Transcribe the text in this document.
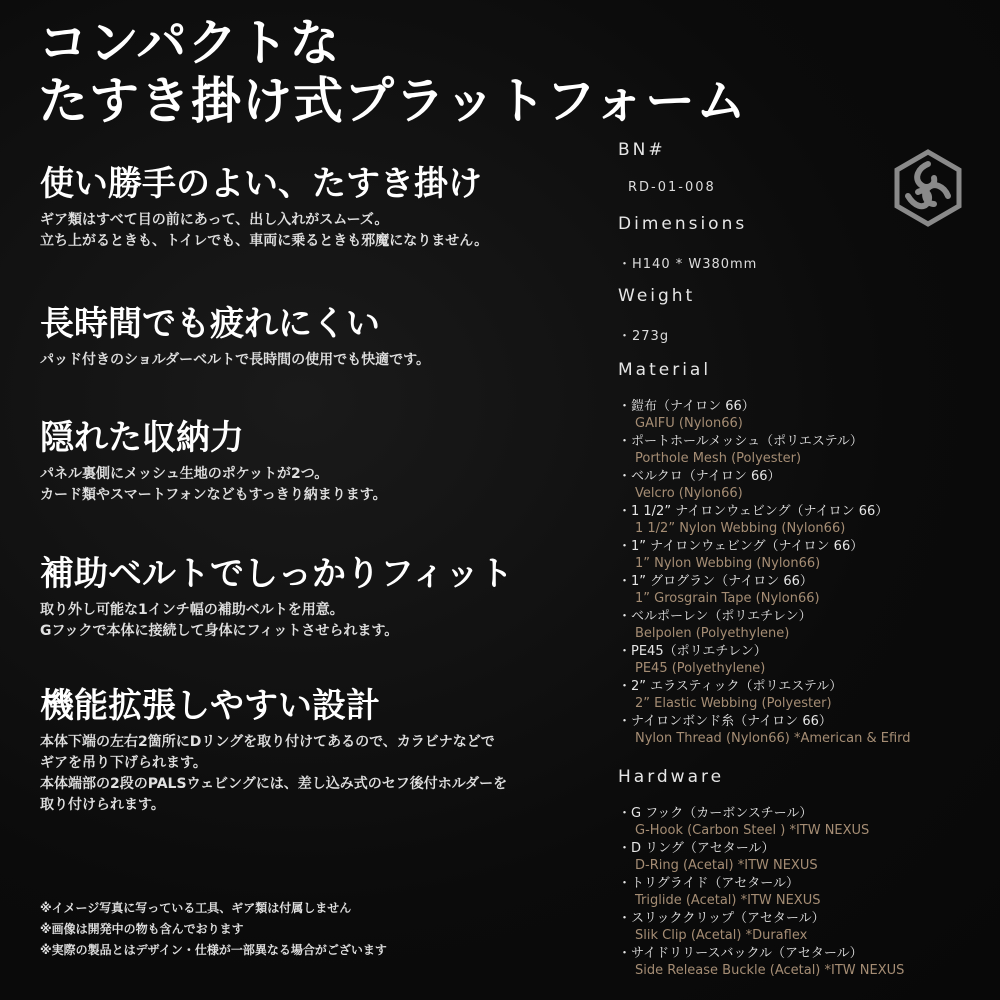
コンパクトな
たすき掛け式プラットフォーム
使い勝手のよい、たすき掛け

ギア類はすべて目の前にあって、出し入れがスムーズ。
立ち上がるときも、トイレでも、車両に乗るときも邪魔になりません。

長時間でも疲れにくい

パッド付きのショルダーベルトで長時間の使用でも快適です。

隠れた収納力

パネル裏側にメッシュ生地のポケットが2つ。
カード類やスマートフォンなどもすっきり納まります。

補助ベルトでしっかりフィット

取り外し可能な1インチ幅の補助ベルトを用意。
Gフックで本体に接続して身体にフィットさせられます。

機能拡張しやすい設計

本体下端の左右2箇所にDリングを取り付けてあるので、カラビナなどで
ギアを吊り下げられます。
本体端部の2段のPALSウェビングには、差し込み式のセフ後付ホルダーを
取り付けられます。

※イメージ写真に写っている工具、ギア類は付属しません
※画像は開発中の物も含んでおります
※実際の製品とはデザイン・仕様が一部異なる場合がございます
BN#
RD-01-008
Dimensions
・H140 * W380mm
Weight
・273g
Material
・鎧布（ナイロン 66）
GAIFU (Nylon66)
・ポートホールメッシュ（ポリエステル）
Porthole Mesh (Polyester)
・ベルクロ（ナイロン 66）
Velcro (Nylon66)
・1 1/2” ナイロンウェビング（ナイロン 66）
1 1/2” Nylon Webbing (Nylon66)
・1” ナイロンウェビング（ナイロン 66）
1” Nylon Webbing (Nylon66)
・1” グログラン（ナイロン 66）
1” Grosgrain Tape (Nylon66)
・ベルポーレン（ポリエチレン）
Belpolen (Polyethylene)
・PE45（ポリエチレン）
PE45 (Polyethylene)
・2” エラスティック（ポリエステル）
2” Elastic Webbing (Polyester)
・ナイロンボンド糸（ナイロン 66）
Nylon Thread (Nylon66) *American & Efird
Hardware
・G フック（カーボンスチール）
G-Hook (Carbon Steel ) *ITW NEXUS
・D リング（アセタール）
D-Ring (Acetal) *ITW NEXUS
・トリグライド（アセタール）
Triglide (Acetal) *ITW NEXUS
・スリッククリップ（アセタール）
Slik Clip (Acetal) *Duraflex
・サイドリリースバックル（アセタール）
Side Release Buckle (Acetal) *ITW NEXUS
